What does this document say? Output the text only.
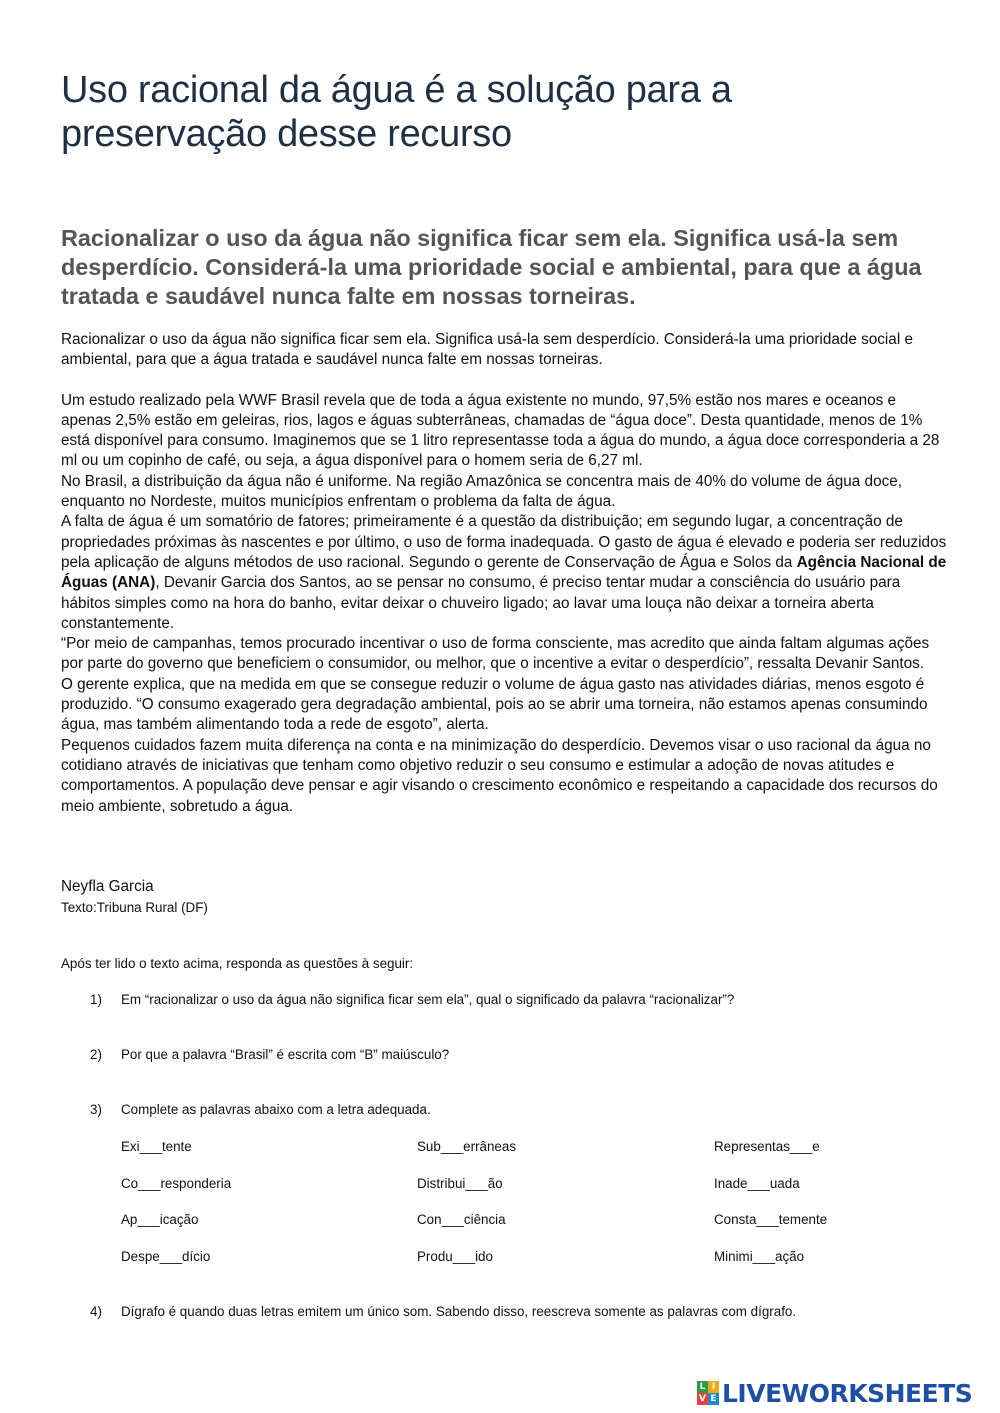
Uso racional da água é a solução para a preservação desse recurso

Racionalizar o uso da água não significa ficar sem ela. Significa usá-la sem desperdício. Considerá-la uma prioridade social e ambiental, para que a água tratada e saudável nunca falte em nossas torneiras.

Racionalizar o uso da água não significa ficar sem ela. Significa usá-la sem desperdício. Considerá-la uma prioridade social e ambiental, para que a água tratada e saudável nunca falte em nossas torneiras.

Um estudo realizado pela WWF Brasil revela que de toda a água existente no mundo, 97,5% estão nos mares e oceanos e apenas 2,5% estão em geleiras, rios, lagos e águas subterrâneas, chamadas de “água doce”. Desta quantidade, menos de 1% está disponível para consumo. Imaginemos que se 1 litro representasse toda a água do mundo, a água doce corresponderia a 28 ml ou um copinho de café, ou seja, a água disponível para o homem seria de 6,27 ml.

No Brasil, a distribuição da água não é uniforme. Na região Amazônica se concentra mais de 40% do volume de água doce, enquanto no Nordeste, muitos municípios enfrentam o problema da falta de água.

A falta de água é um somatório de fatores; primeiramente é a questão da distribuição; em segundo lugar, a concentração de propriedades próximas às nascentes e por último, o uso de forma inadequada. O gasto de água é elevado e poderia ser reduzidos pela aplicação de alguns métodos de uso racional. Segundo o gerente de Conservação de Água e Solos da Agência Nacional de Águas (ANA), Devanir Garcia dos Santos, ao se pensar no consumo, é preciso tentar mudar a consciência do usuário para hábitos simples como na hora do banho, evitar deixar o chuveiro ligado; ao lavar uma louça não deixar a torneira aberta constantemente.

“Por meio de campanhas, temos procurado incentivar o uso de forma consciente, mas acredito que ainda faltam algumas ações por parte do governo que beneficiem o consumidor, ou melhor, que o incentive a evitar o desperdício”, ressalta Devanir Santos.

O gerente explica, que na medida em que se consegue reduzir o volume de água gasto nas atividades diárias, menos esgoto é produzido. “O consumo exagerado gera degradação ambiental, pois ao se abrir uma torneira, não estamos apenas consumindo água, mas também alimentando toda a rede de esgoto”, alerta.

Pequenos cuidados fazem muita diferença na conta e na minimização do desperdício. Devemos visar o uso racional da água no cotidiano através de iniciativas que tenham como objetivo reduzir o seu consumo e estimular a adoção de novas atitudes e comportamentos. A população deve pensar e agir visando o crescimento econômico e respeitando a capacidade dos recursos do meio ambiente, sobretudo a água.

Neyfla Garcia
Texto:Tribuna Rural (DF)
Após ter lido o texto acima, responda as questões à seguir:
1) Em “racionalizar o uso da água não significa ficar sem ela”, qual o significado da palavra “racionalizar”?
2) Por que a palavra “Brasil” é escrita com “B” maiúsculo?
3) Complete as palavras abaixo com a letra adequada.
Exi___tente	Sub___errâneas	Representas___e
Co___responderia	Distribui___ão	Inade___uada
Ap___icação	Con___ciência	Consta___temente
Despe___dício	Produ___ido	Minimi___ação
4) Dígrafo é quando duas letras emitem um único som. Sabendo disso, reescreva somente as palavras com dígrafo.
L I
V E LIVEWORKSHEETS
